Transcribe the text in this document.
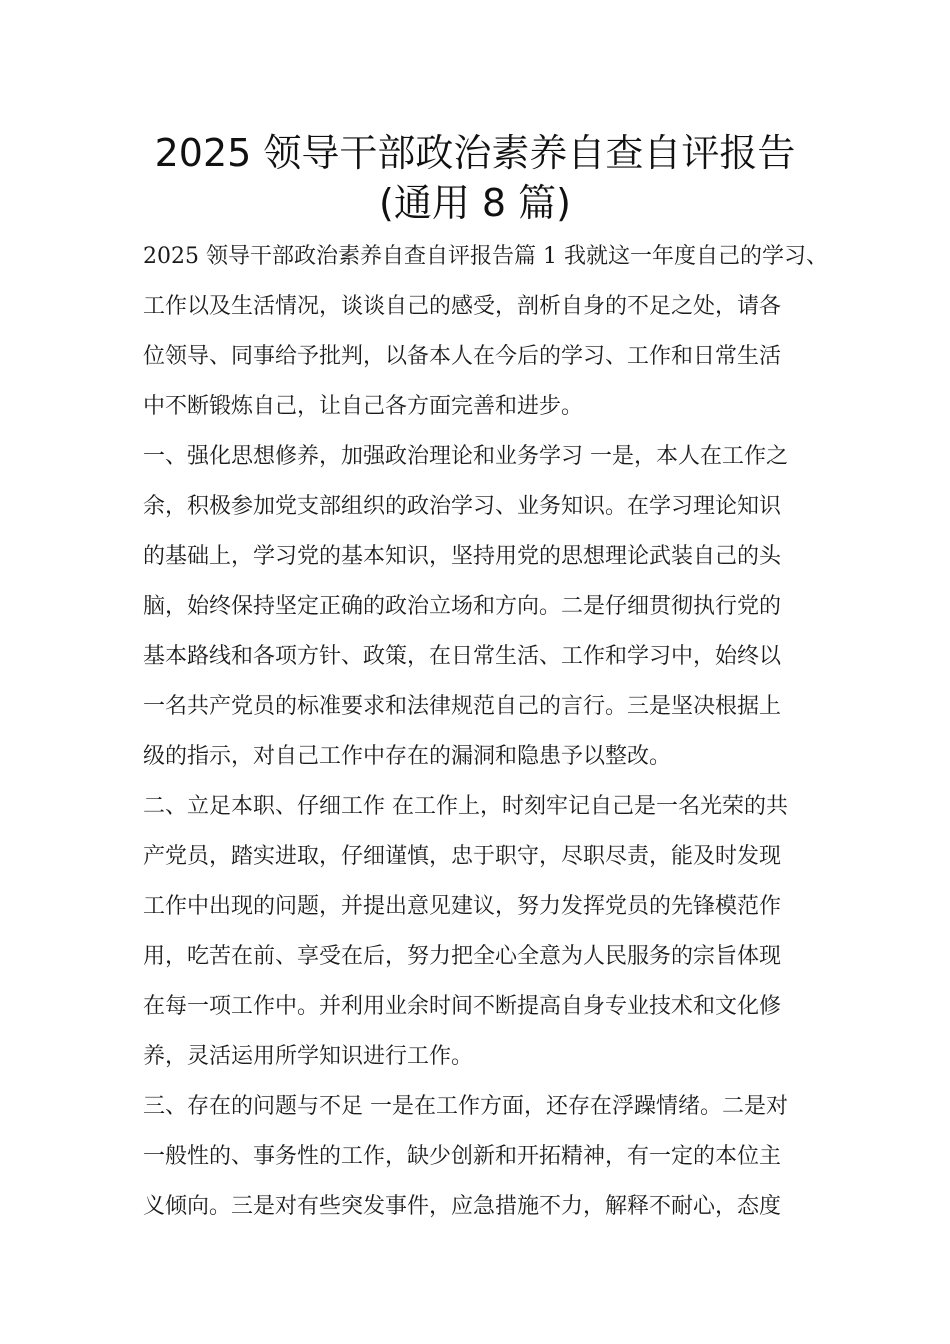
2025 领导干部政治素养自查自评报告
(通用 8 篇)

2025 领导干部政治素养自查自评报告篇 1 我就这一年度自己的学习、
工作以及生活情况，谈谈自己的感受，剖析自身的不足之处，请各
位领导、同事给予批判，以备本人在今后的学习、工作和日常生活
中不断锻炼自己，让自己各方面完善和进步。

一、强化思想修养，加强政治理论和业务学习 一是，本人在工作之
余，积极参加党支部组织的政治学习、业务知识。在学习理论知识
的基础上，学习党的基本知识，坚持用党的思想理论武装自己的头
脑，始终保持坚定正确的政治立场和方向。二是仔细贯彻执行党的
基本路线和各项方针、政策，在日常生活、工作和学习中，始终以
一名共产党员的标准要求和法律规范自己的言行。三是坚决根据上
级的指示，对自己工作中存在的漏洞和隐患予以整改。

二、立足本职、仔细工作 在工作上，时刻牢记自己是一名光荣的共
产党员，踏实进取，仔细谨慎，忠于职守，尽职尽责，能及时发现
工作中出现的问题，并提出意见建议，努力发挥党员的先锋模范作
用，吃苦在前、享受在后，努力把全心全意为人民服务的宗旨体现
在每一项工作中。并利用业余时间不断提高自身专业技术和文化修
养，灵活运用所学知识进行工作。

三、存在的问题与不足 一是在工作方面，还存在浮躁情绪。二是对
一般性的、事务性的工作，缺少创新和开拓精神，有一定的本位主
义倾向。三是对有些突发事件，应急措施不力，解释不耐心，态度
